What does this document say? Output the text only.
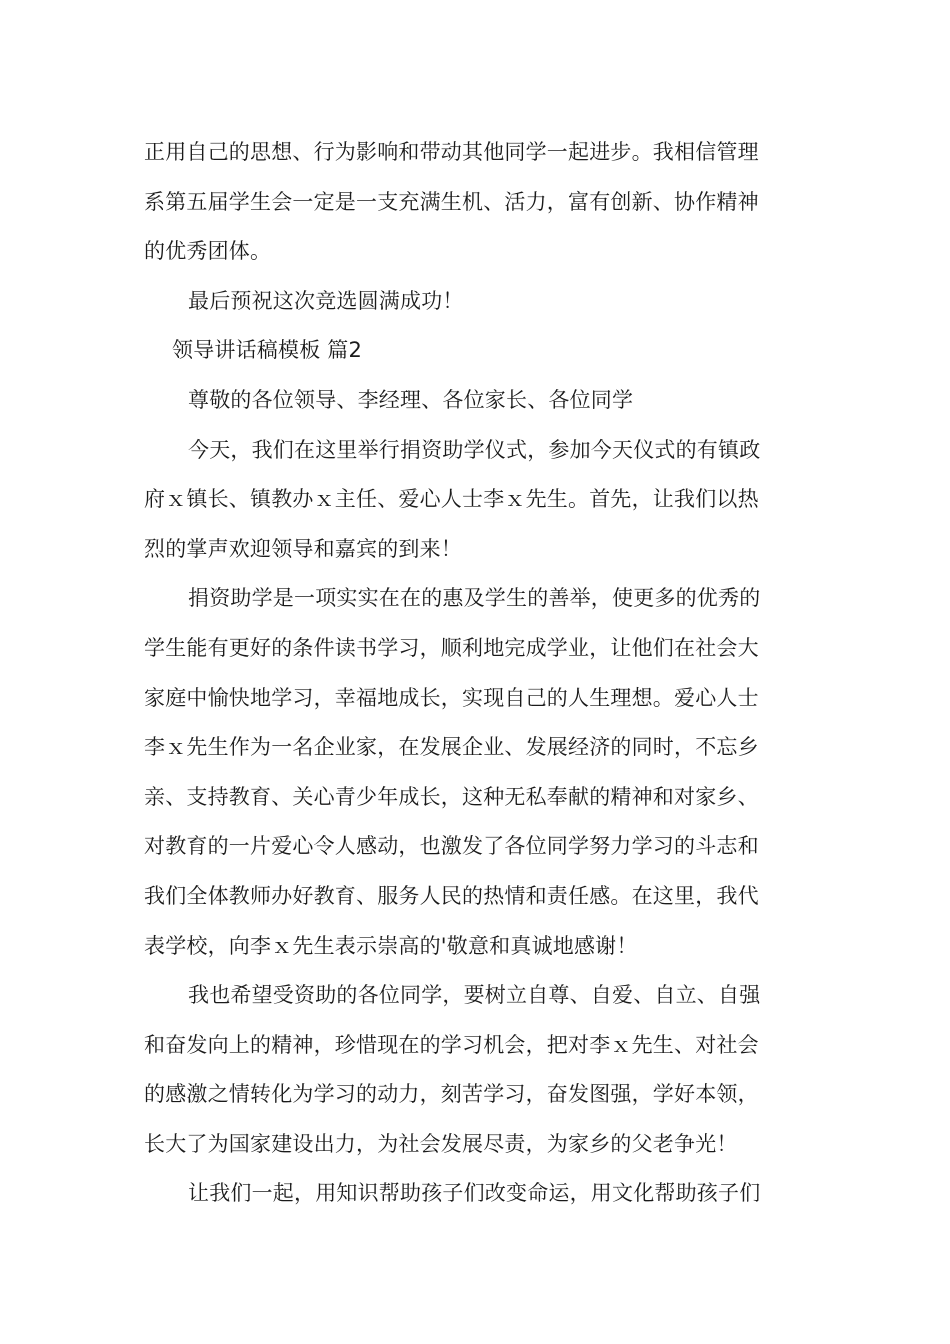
正用自己的思想、行为影响和带动其他同学一起进步。我相信管理
系第五届学生会一定是一支充满生机、活力，富有创新、协作精神
的优秀团体。
最后预祝这次竞选圆满成功！
领导讲话稿模板 篇2
尊敬的各位领导、李经理、各位家长、各位同学
今天，我们在这里举行捐资助学仪式，参加今天仪式的有镇政
府ｘ镇长、镇教办ｘ主任、爱心人士李ｘ先生。首先，让我们以热
烈的掌声欢迎领导和嘉宾的到来！
捐资助学是一项实实在在的惠及学生的善举，使更多的优秀的
学生能有更好的条件读书学习，顺利地完成学业，让他们在社会大
家庭中愉快地学习，幸福地成长，实现自己的人生理想。爱心人士
李ｘ先生作为一名企业家，在发展企业、发展经济的同时，不忘乡
亲、支持教育、关心青少年成长，这种无私奉献的精神和对家乡、
对教育的一片爱心令人感动，也激发了各位同学努力学习的斗志和
我们全体教师办好教育、服务人民的热情和责任感。在这里，我代
表学校，向李ｘ先生表示崇高的'敬意和真诚地感谢！
我也希望受资助的各位同学，要树立自尊、自爱、自立、自强
和奋发向上的精神，珍惜现在的学习机会，把对李ｘ先生、对社会
的感激之情转化为学习的动力，刻苦学习，奋发图强，学好本领，
长大了为国家建设出力，为社会发展尽责，为家乡的父老争光！
让我们一起，用知识帮助孩子们改变命运，用文化帮助孩子们
